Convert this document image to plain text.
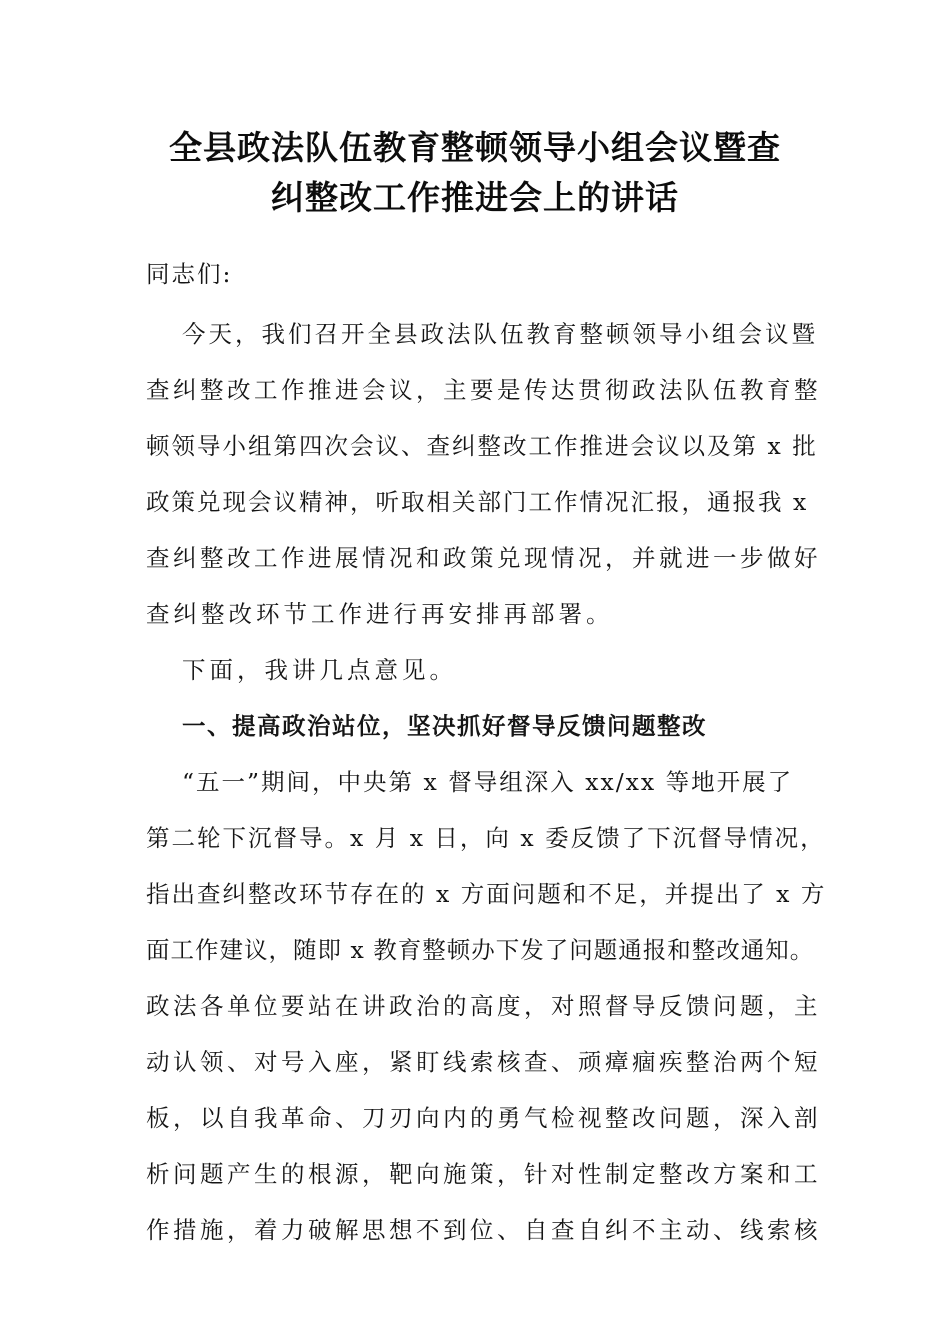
全县政法队伍教育整顿领导小组会议暨查
纠整改工作推进会上的讲话
同志们:
今天，我们召开全县政法队伍教育整顿领导小组会议暨
查纠整改工作推进会议，主要是传达贯彻政法队伍教育整
顿领导小组第四次会议、查纠整改工作推进会议以及第 x 批
政策兑现会议精神，听取相关部门工作情况汇报，通报我 x
查纠整改工作进展情况和政策兑现情况，并就进一步做好
查纠整改环节工作进行再安排再部署。
下面，我讲几点意见。
一、提高政治站位，坚决抓好督导反馈问题整改
“五一”期间，中央第 x 督导组深入 xx/xx 等地开展了
第二轮下沉督导。x 月 x 日，向 x 委反馈了下沉督导情况，
指出查纠整改环节存在的 x 方面问题和不足，并提出了 x 方
面工作建议，随即 x 教育整顿办下发了问题通报和整改通知。
政法各单位要站在讲政治的高度，对照督导反馈问题，主
动认领、对号入座，紧盯线索核查、顽瘴痼疾整治两个短
板，以自我革命、刀刃向内的勇气检视整改问题，深入剖
析问题产生的根源，靶向施策，针对性制定整改方案和工
作措施，着力破解思想不到位、自查自纠不主动、线索核
